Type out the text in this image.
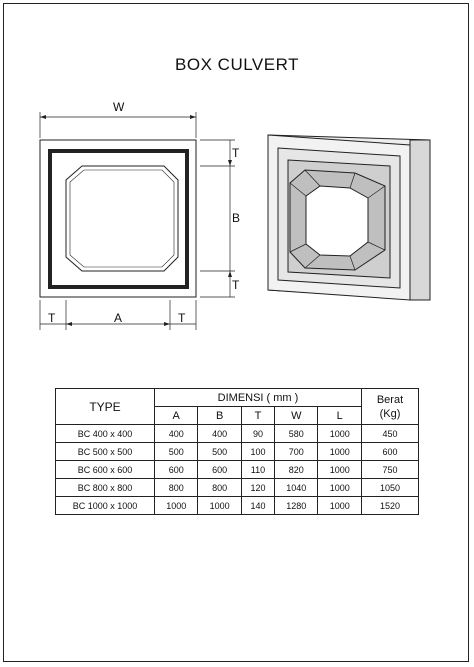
BOX CULVERT
W
T
B
T
T	A	T
TYPE	DIMENSI ( mm )					Berat
(Kg)
	A	B	T	W	L	
BC 400 x 400	400	400	90	580	1000	450
BC 500 x 500	500	500	100	700	1000	600
BC 600 x 600	600	600	110	820	1000	750
BC 800 x 800	800	800	120	1040	1000	1050
BC 1000 x 1000	1000	1000	140	1280	1000	1520
